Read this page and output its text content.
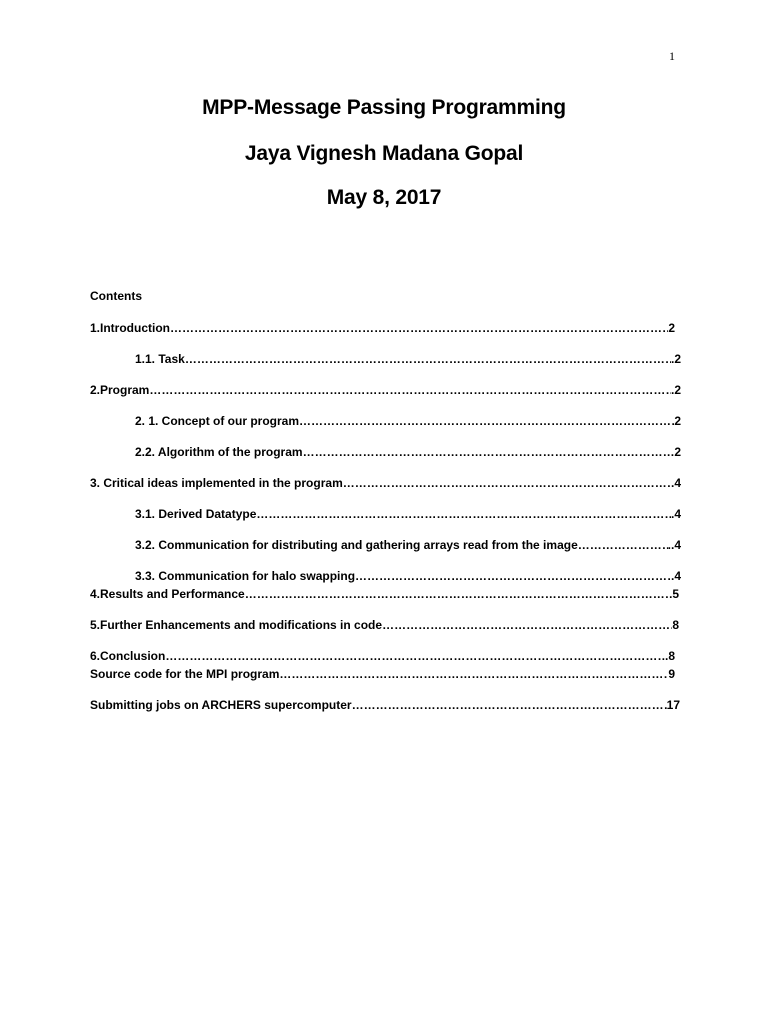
1
MPP-Message Passing Programming
Jaya Vignesh Madana Gopal
May 8, 2017
Contents
1.Introduction ……………………………………………………………………………………………………………………………………………………………………………………………………………………………………………………	2
1.1. Task ……………………………………………………………………………………………………………………………………………………………………………………………………………………………………………………	.2
2.Program ……………………………………………………………………………………………………………………………………………………………………………………………………………………………………………………	.2
2. 1. Concept of our program ……………………………………………………………………………………………………………………………………………………………………………………………………………………………………………………	2
2.2. Algorithm of the program ……………………………………………………………………………………………………………………………………………………………………………………………………………………………………………………	2
3. Critical ideas implemented in the program ……………………………………………………………………………………………………………………………………………………………………………………………………………………………………………………	.4
3.1. Derived Datatype ……………………………………………………………………………………………………………………………………………………………………………………………………………………………………………………	.4
3.2. Communication for distributing and gathering arrays read from the image ……………………………………………………………………………………………………………………………………………………………………………………………………………………………………………………	..4
3.3. Communication for halo swapping ……………………………………………………………………………………………………………………………………………………………………………………………………………………………………………………	.4
4.Results and Performance ……………………………………………………………………………………………………………………………………………………………………………………………………………………………………………………	5
5.Further Enhancements and modifications in code ……………………………………………………………………………………………………………………………………………………………………………………………………………………………………………………	8
6.Conclusion ……………………………………………………………………………………………………………………………………………………………………………………………………………………………………………………	.8
Source code for the MPI program ……………………………………………………………………………………………………………………………………………………………………………………………………………………………………………………	9
Submitting jobs on ARCHERS supercomputer ……………………………………………………………………………………………………………………………………………………………………………………………………………………………………………………	17
